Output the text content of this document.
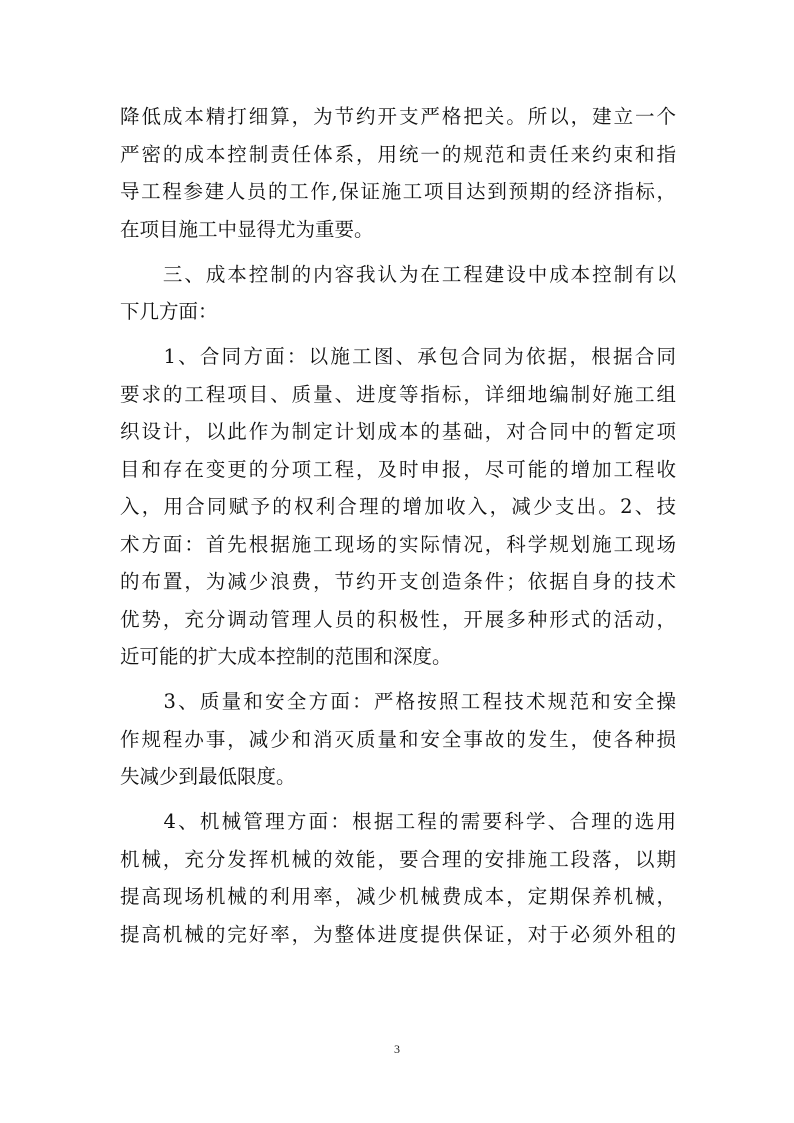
降低成本精打细算，为节约开支严格把关。所以，建立一个
严密的成本控制责任体系，用统一的规范和责任来约束和指
导工程参建人员的工作,保证施工项目达到预期的经济指标，
在项目施工中显得尤为重要。
　　三、成本控制的内容我认为在工程建设中成本控制有以
下几方面：
　　1、合同方面：以施工图、承包合同为依据，根据合同
要求的工程项目、质量、进度等指标，详细地编制好施工组
织设计，以此作为制定计划成本的基础，对合同中的暂定项
目和存在变更的分项工程，及时申报，尽可能的增加工程收
入，用合同赋予的权利合理的增加收入，减少支出。2、技
术方面：首先根据施工现场的实际情况，科学规划施工现场
的布置，为减少浪费，节约开支创造条件；依据自身的技术
优势，充分调动管理人员的积极性，开展多种形式的活动，
近可能的扩大成本控制的范围和深度。
　　3、质量和安全方面：严格按照工程技术规范和安全操
作规程办事，减少和消灭质量和安全事故的发生，使各种损
失减少到最低限度。
　　4、机械管理方面：根据工程的需要科学、合理的选用
机械，充分发挥机械的效能，要合理的安排施工段落，以期
提高现场机械的利用率，减少机械费成本，定期保养机械，
提高机械的完好率，为整体进度提供保证，对于必须外租的
3
